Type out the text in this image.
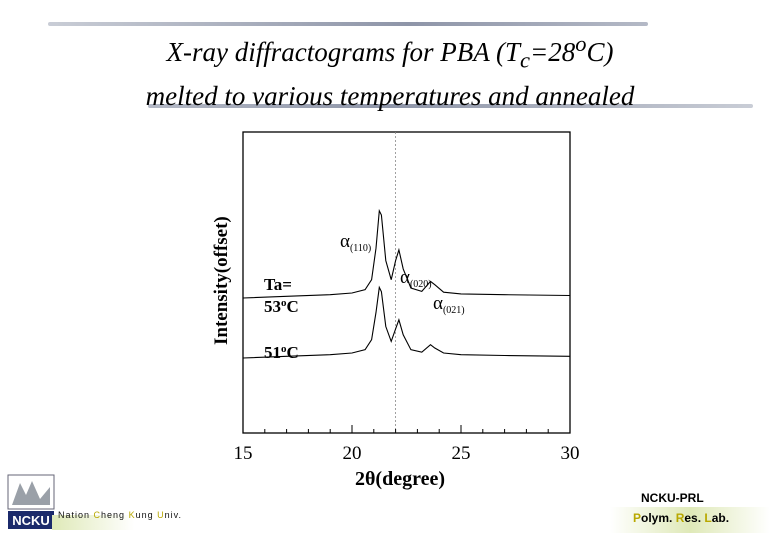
X-ray diffractograms for PBA $(T_c=28^oC)$
melted to various temperatures and annealed
15	20	25	30
2θ(degree)
Intensity(offset)
Ta=
$53^oC$
51$^o$C
$\alpha_{(110)}$
$\alpha_{(020)}$
$\alpha_{(021)}$
NCKU Nation Cheng Kung Univ.
NCKU-PRL
Polym. Res. Lab.
